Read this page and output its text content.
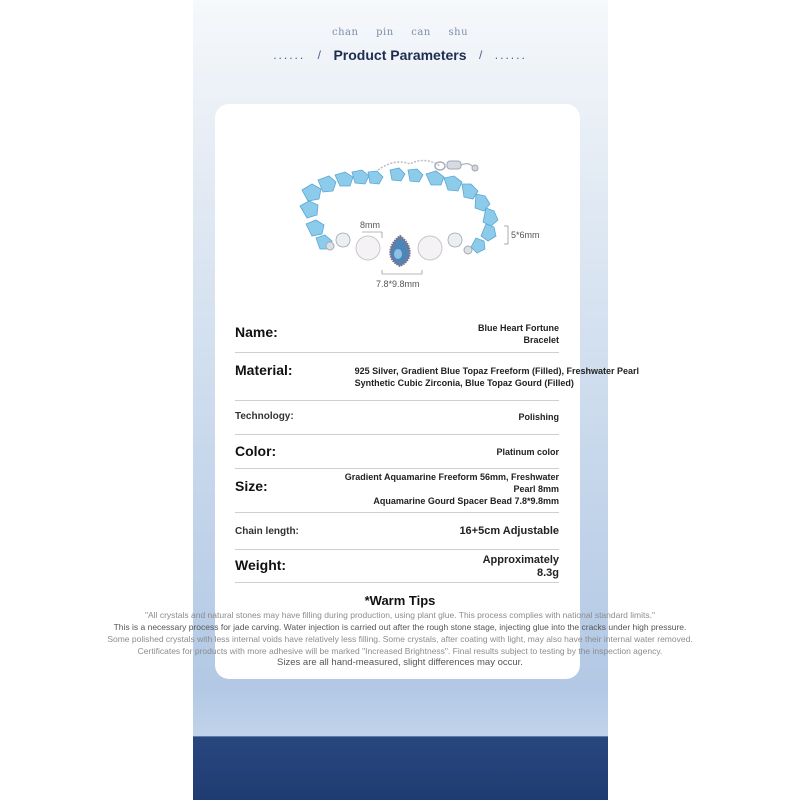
chan pin can shu
...... / Product Parameters / ......
8mm
5*6mm
7.8*9.8mm
Name:	Blue Heart Fortune
Bracelet
Material:	925 Silver, Gradient Blue Topaz Freeform (Filled), Freshwater Pearl
Synthetic Cubic Zirconia, Blue Topaz Gourd (Filled)
Technology:	Polishing
Color:	Platinum color
Size:
Gradient Aquamarine Freeform 56mm, Freshwater
Pearl 8mm
Aquamarine Gourd Spacer Bead 7.8*9.8mm
Chain length:	16+5cm Adjustable
Weight:	Approximately
8.3g
*Warm Tips
"All crystals and natural stones may have filling during production, using plant glue. This process complies with national standard limits."
This is a necessary process for jade carving. Water injection is carried out after the rough stone stage, injecting glue into the cracks under high pressure.
Some polished crystals with less internal voids have relatively less filling. Some crystals, after coating with light, may also have their internal water removed.
Certificates for products with more adhesive will be marked "Increased Brightness". Final results subject to testing by the inspection agency.
Sizes are all hand-measured, slight differences may occur.
